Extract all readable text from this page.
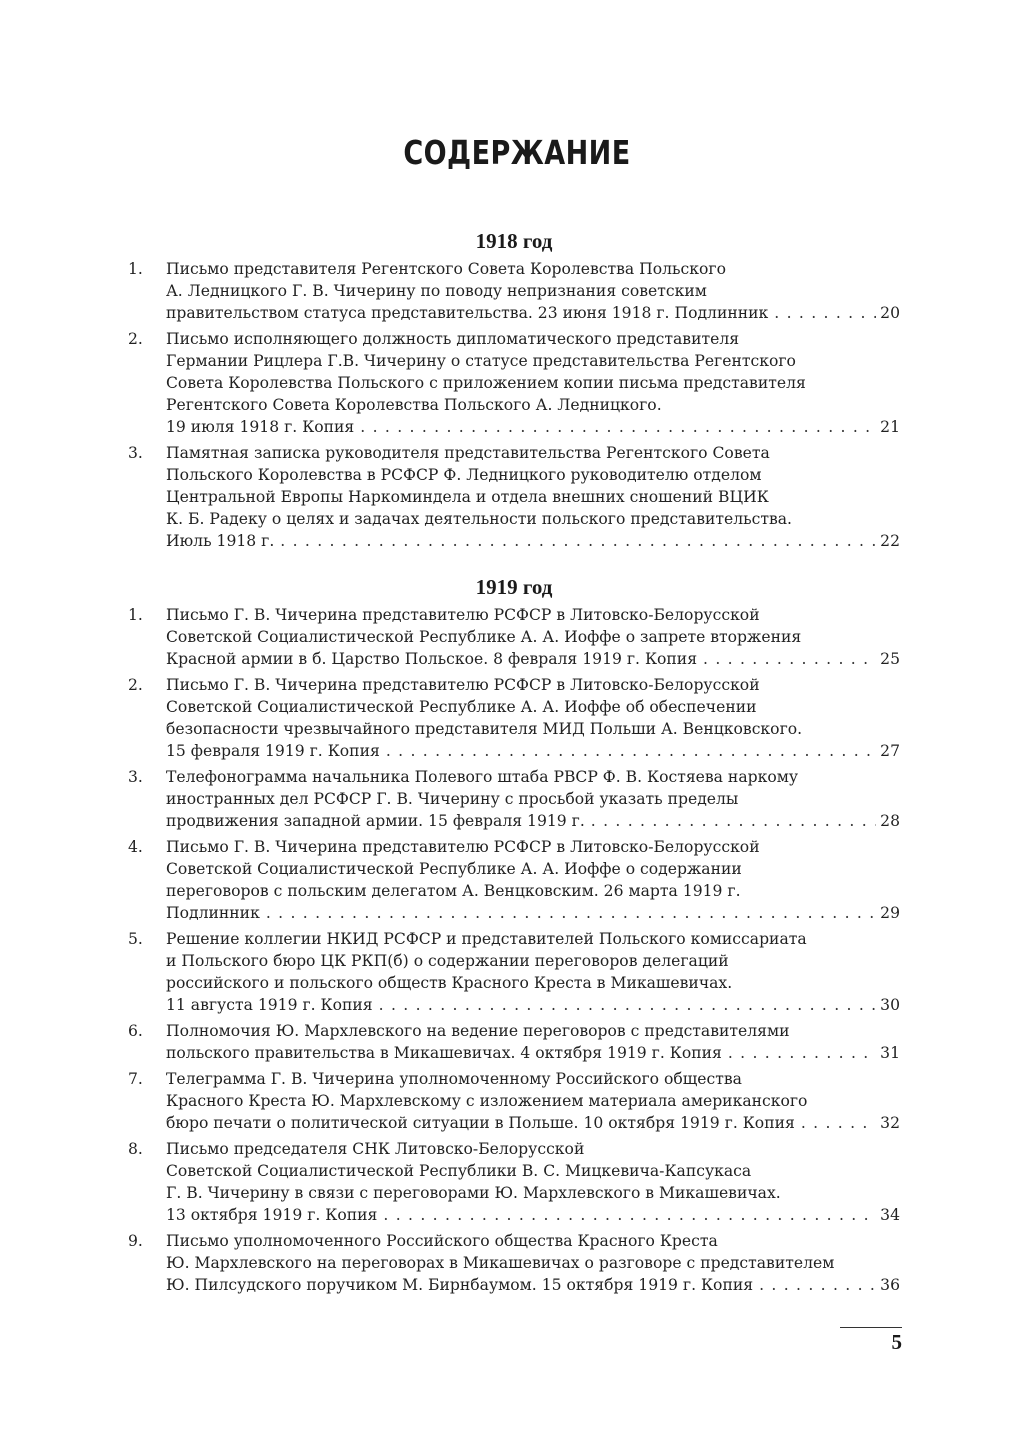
СОДЕРЖАНИЕ
1918 год
1.	Письмо представителя Регентского Совета Королевства Польского
А. Ледницкого Г. В. Чичерину по поводу непризнания советским
правительством статуса представительства. 23 июня 1918 г. Подлинник . . .	20
2.	Письмо исполняющего должность дипломатического представителя
Германии Рицлера Г.В. Чичерину о статусе представительства Регентского
Совета Королевства Польского с приложением копии письма представителя
Регентского Совета Королевства Польского А. Ледницкого.
19 июля 1918 г. Копия . . .	21
3.	Памятная записка руководителя представительства Регентского Совета
Польского Королевства в РСФСР Ф. Ледницкого руководителю отделом
Центральной Европы Наркоминдела и отдела внешних сношений ВЦИК
К. Б. Радеку о целях и задачах деятельности польского представительства.
Июль 1918 г. . . .	22
1919 год
1.	Письмо Г. В. Чичерина представителю РСФСР в Литовско-Белорусской
Советской Социалистической Республике А. А. Иоффе о запрете вторжения
Красной армии в б. Царство Польское. 8 февраля 1919 г. Копия . . .	25
2.	Письмо Г. В. Чичерина представителю РСФСР в Литовско-Белорусской
Советской Социалистической Республике А. А. Иоффе об обеспечении
безопасности чрезвычайного представителя МИД Польши А. Венцковского.
15 февраля 1919 г. Копия . . .	27
3.	Телефонограмма начальника Полевого штаба РВСР Ф. В. Костяева наркому
иностранных дел РСФСР Г. В. Чичерину с просьбой указать пределы
продвижения западной армии. 15 февраля 1919 г. . . .	28
4.	Письмо Г. В. Чичерина представителю РСФСР в Литовско-Белорусской
Советской Социалистической Республике А. А. Иоффе о содержании
переговоров с польским делегатом А. Венцковским. 26 марта 1919 г.
Подлинник . . .	29
5.	Решение коллегии НКИД РСФСР и представителей Польского комиссариата
и Польского бюро ЦК РКП(б) о содержании переговоров делегаций
российского и польского обществ Красного Креста в Микашевичах.
11 августа 1919 г. Копия . . .	30
6.	Полномочия Ю. Мархлевского на ведение переговоров с представителями
польского правительства в Микашевичах. 4 октября 1919 г. Копия . . .	31
7.	Телеграмма Г. В. Чичерина уполномоченному Российского общества
Красного Креста Ю. Мархлевскому с изложением материала американского
бюро печати о политической ситуации в Польше. 10 октября 1919 г. Копия . . .	32
8.	Письмо председателя СНК Литовско-Белорусской
Советской Социалистической Республики В. С. Мицкевича-Капсукаса
Г. В. Чичерину в связи с переговорами Ю. Мархлевского в Микашевичах.
13 октября 1919 г. Копия . . .	34
9.	Письмо уполномоченного Российского общества Красного Креста
Ю. Мархлевского на переговорах в Микашевичах о разговоре с представителем
Ю. Пилсудского поручиком М. Бирнбаумом. 15 октября 1919 г. Копия . . .	36
5
